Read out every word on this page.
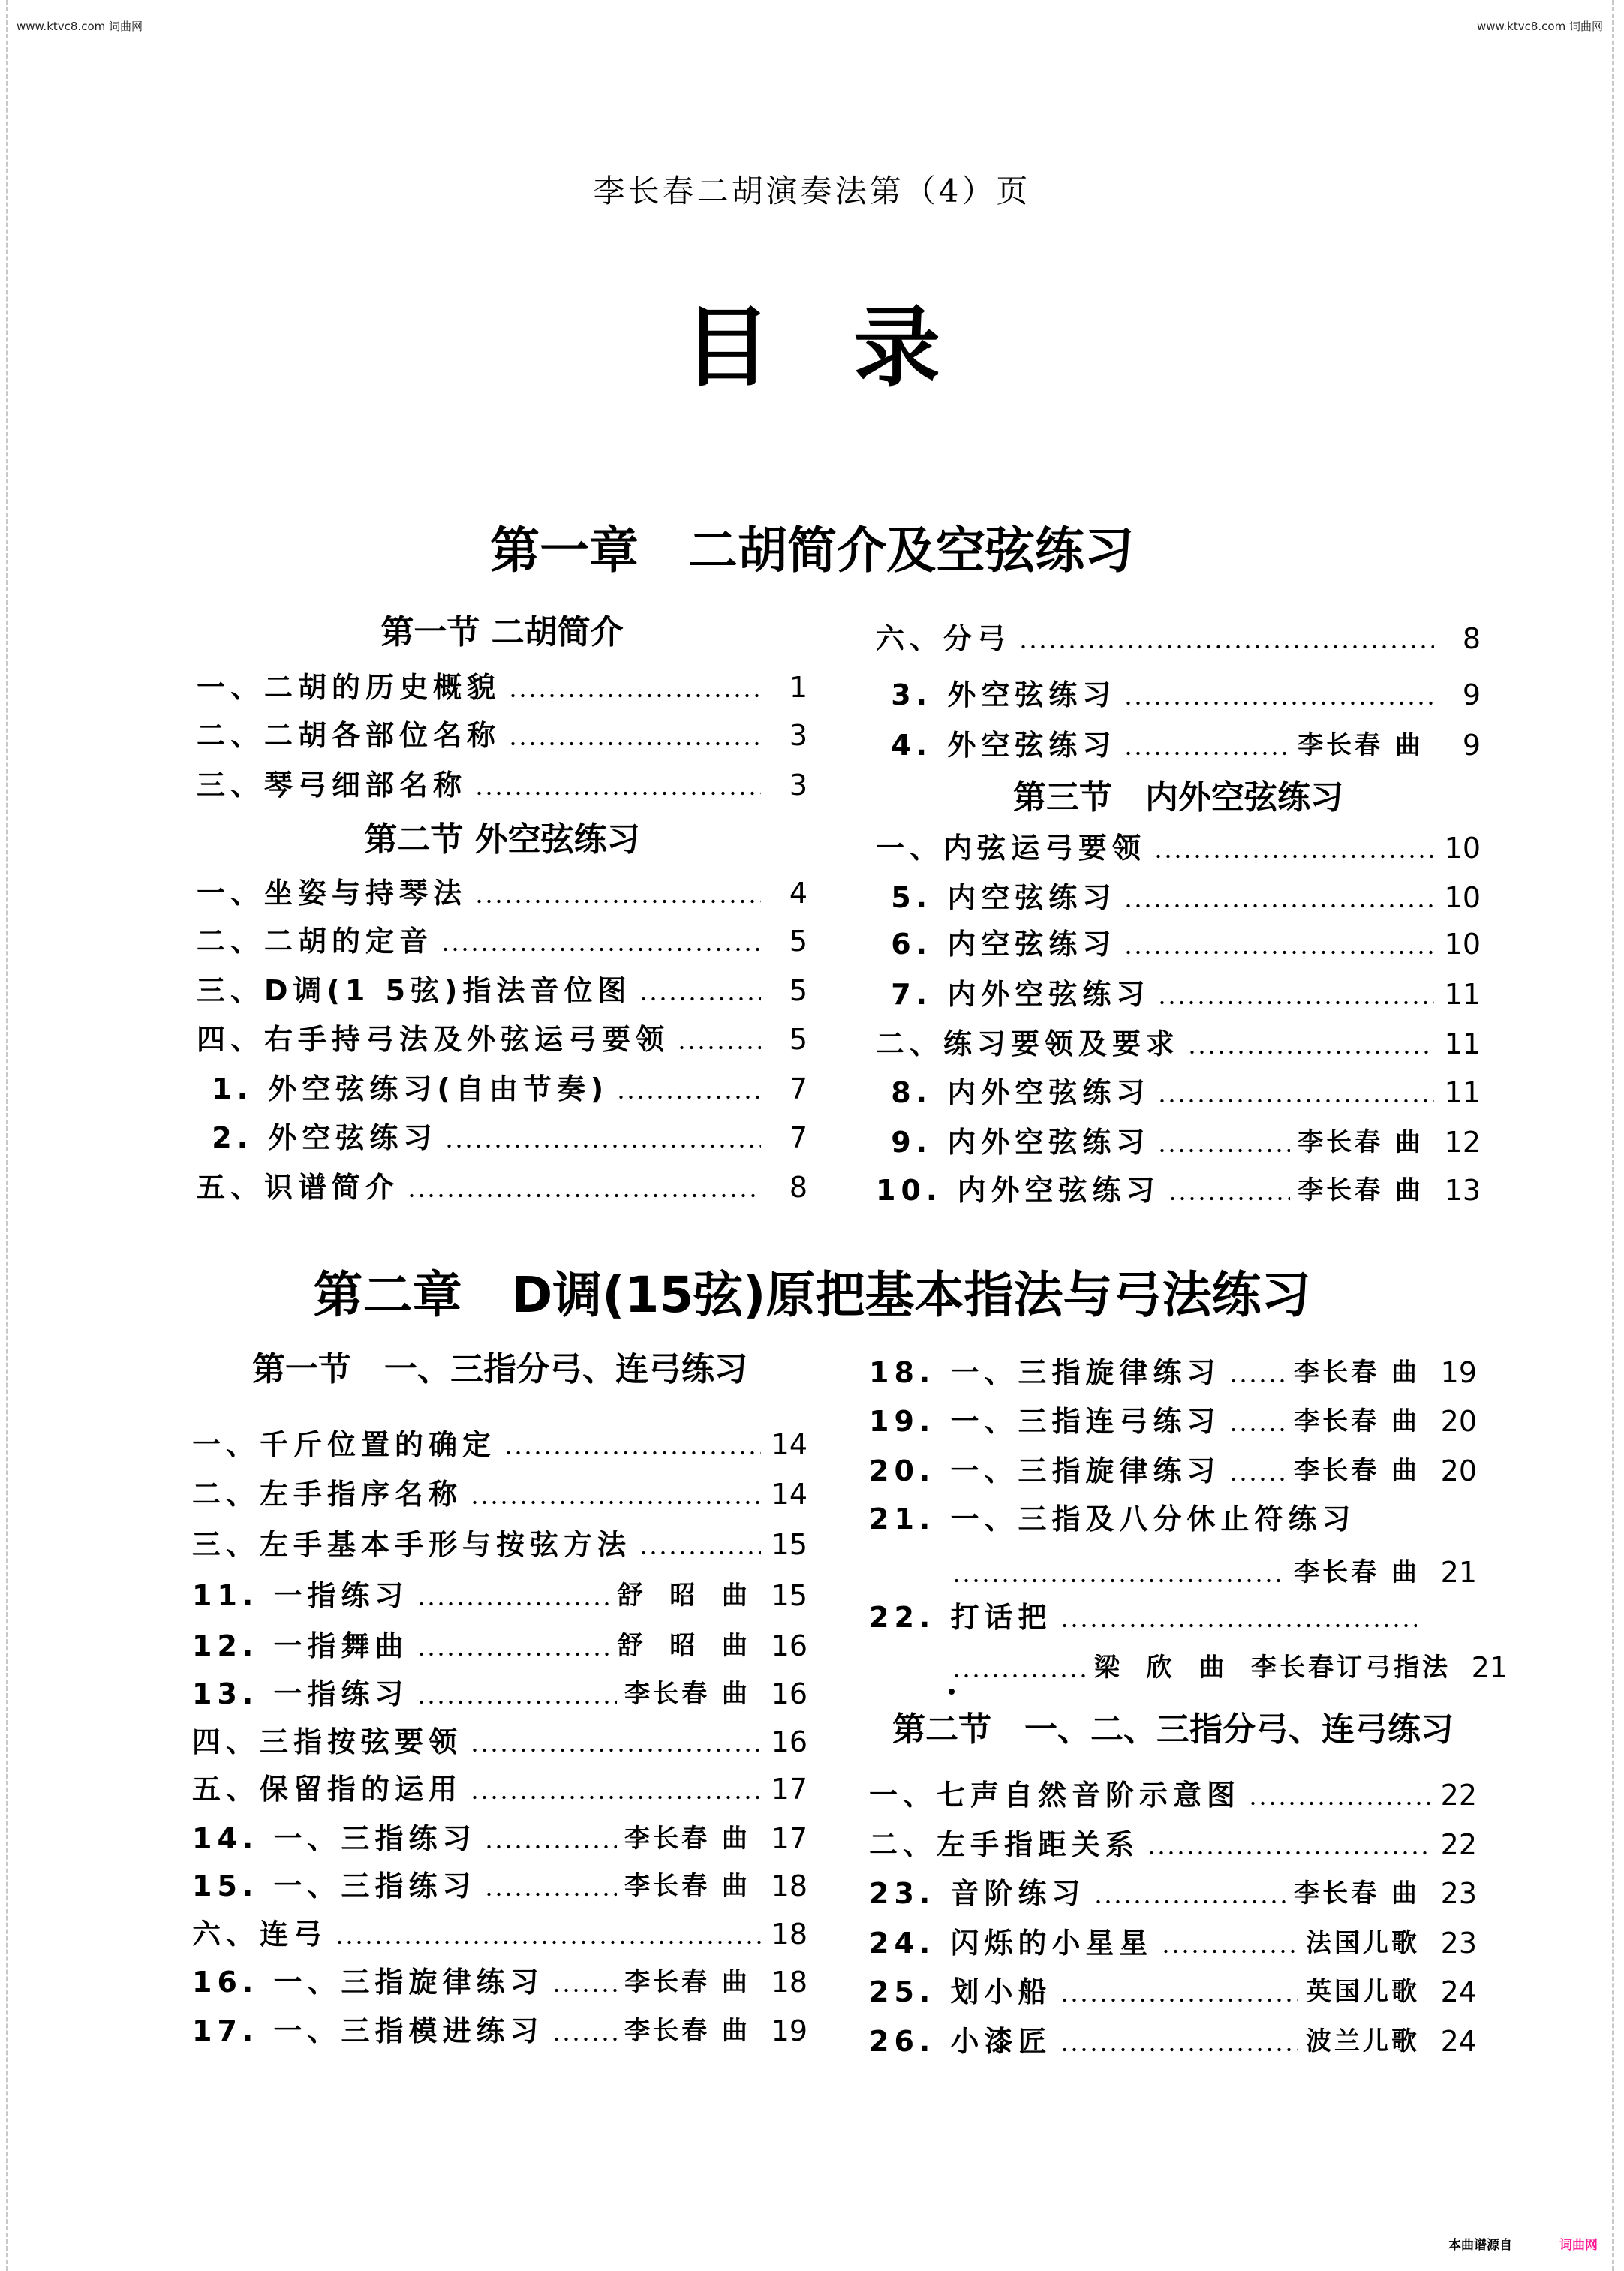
www.ktvc8.com 词曲网	www.ktvc8.com 词曲网
李长春二胡演奏法第（4）页
目录
第一章　二胡简介及空弦练习
第一节 二胡简介
一、二胡的历史概貌	1
二、二胡各部位名称	3
三、琴弓细部名称	3
第二节 外空弦练习
一、坐姿与持琴法	4
二、二胡的定音	5
三、D调(1 5弦)指法音位图	5
四、右手持弓法及外弦运弓要领	5
1. 外空弦练习(自由节奏)	7
2. 外空弦练习	7
五、识谱简介	8
六、分弓	8
3. 外空弦练习	9
4. 外空弦练习	李长春 曲	9
第三节　内外空弦练习
一、内弦运弓要领	10
5. 内空弦练习	10
6. 内空弦练习	10
7. 内外空弦练习	11
二、练习要领及要求	11
8. 内外空弦练习	11
9. 内外空弦练习	李长春 曲 12
10. 内外空弦练习	李长春 曲 13
第二章　D调(15弦)原把基本指法与弓法练习
第一节　一、三指分弓、连弓练习
一、千斤位置的确定	14
二、左手指序名称	14
三、左手基本手形与按弦方法	15
11. 一指练习	舒  昭  曲 15
12. 一指舞曲	舒  昭  曲 16
13. 一指练习	李长春 曲 16
四、三指按弦要领	16
五、保留指的运用	17
14. 一、三指练习	李长春 曲 17
15. 一、三指练习	李长春 曲 18
六、连弓	18
16. 一、三指旋律练习	李长春 曲 18
17. 一、三指模进练习	李长春 曲 19
18. 一、三指旋律练习	李长春 曲 19
19. 一、三指连弓练习	李长春 曲 20
20. 一、三指旋律练习	李长春 曲 20
21. 一、三指及八分休止符练习
李长春 曲 21
22. 打话把
梁  欣  曲  李长春订弓指法 21
第二节　一、二、三指分弓、连弓练习
一、七声自然音阶示意图	22
二、左手指距关系	22
23. 音阶练习	李长春 曲 23
24. 闪烁的小星星	法国儿歌 23
25. 划小船	英国儿歌 24
26. 小漆匠	波兰儿歌 24
本曲谱源自	词曲网
